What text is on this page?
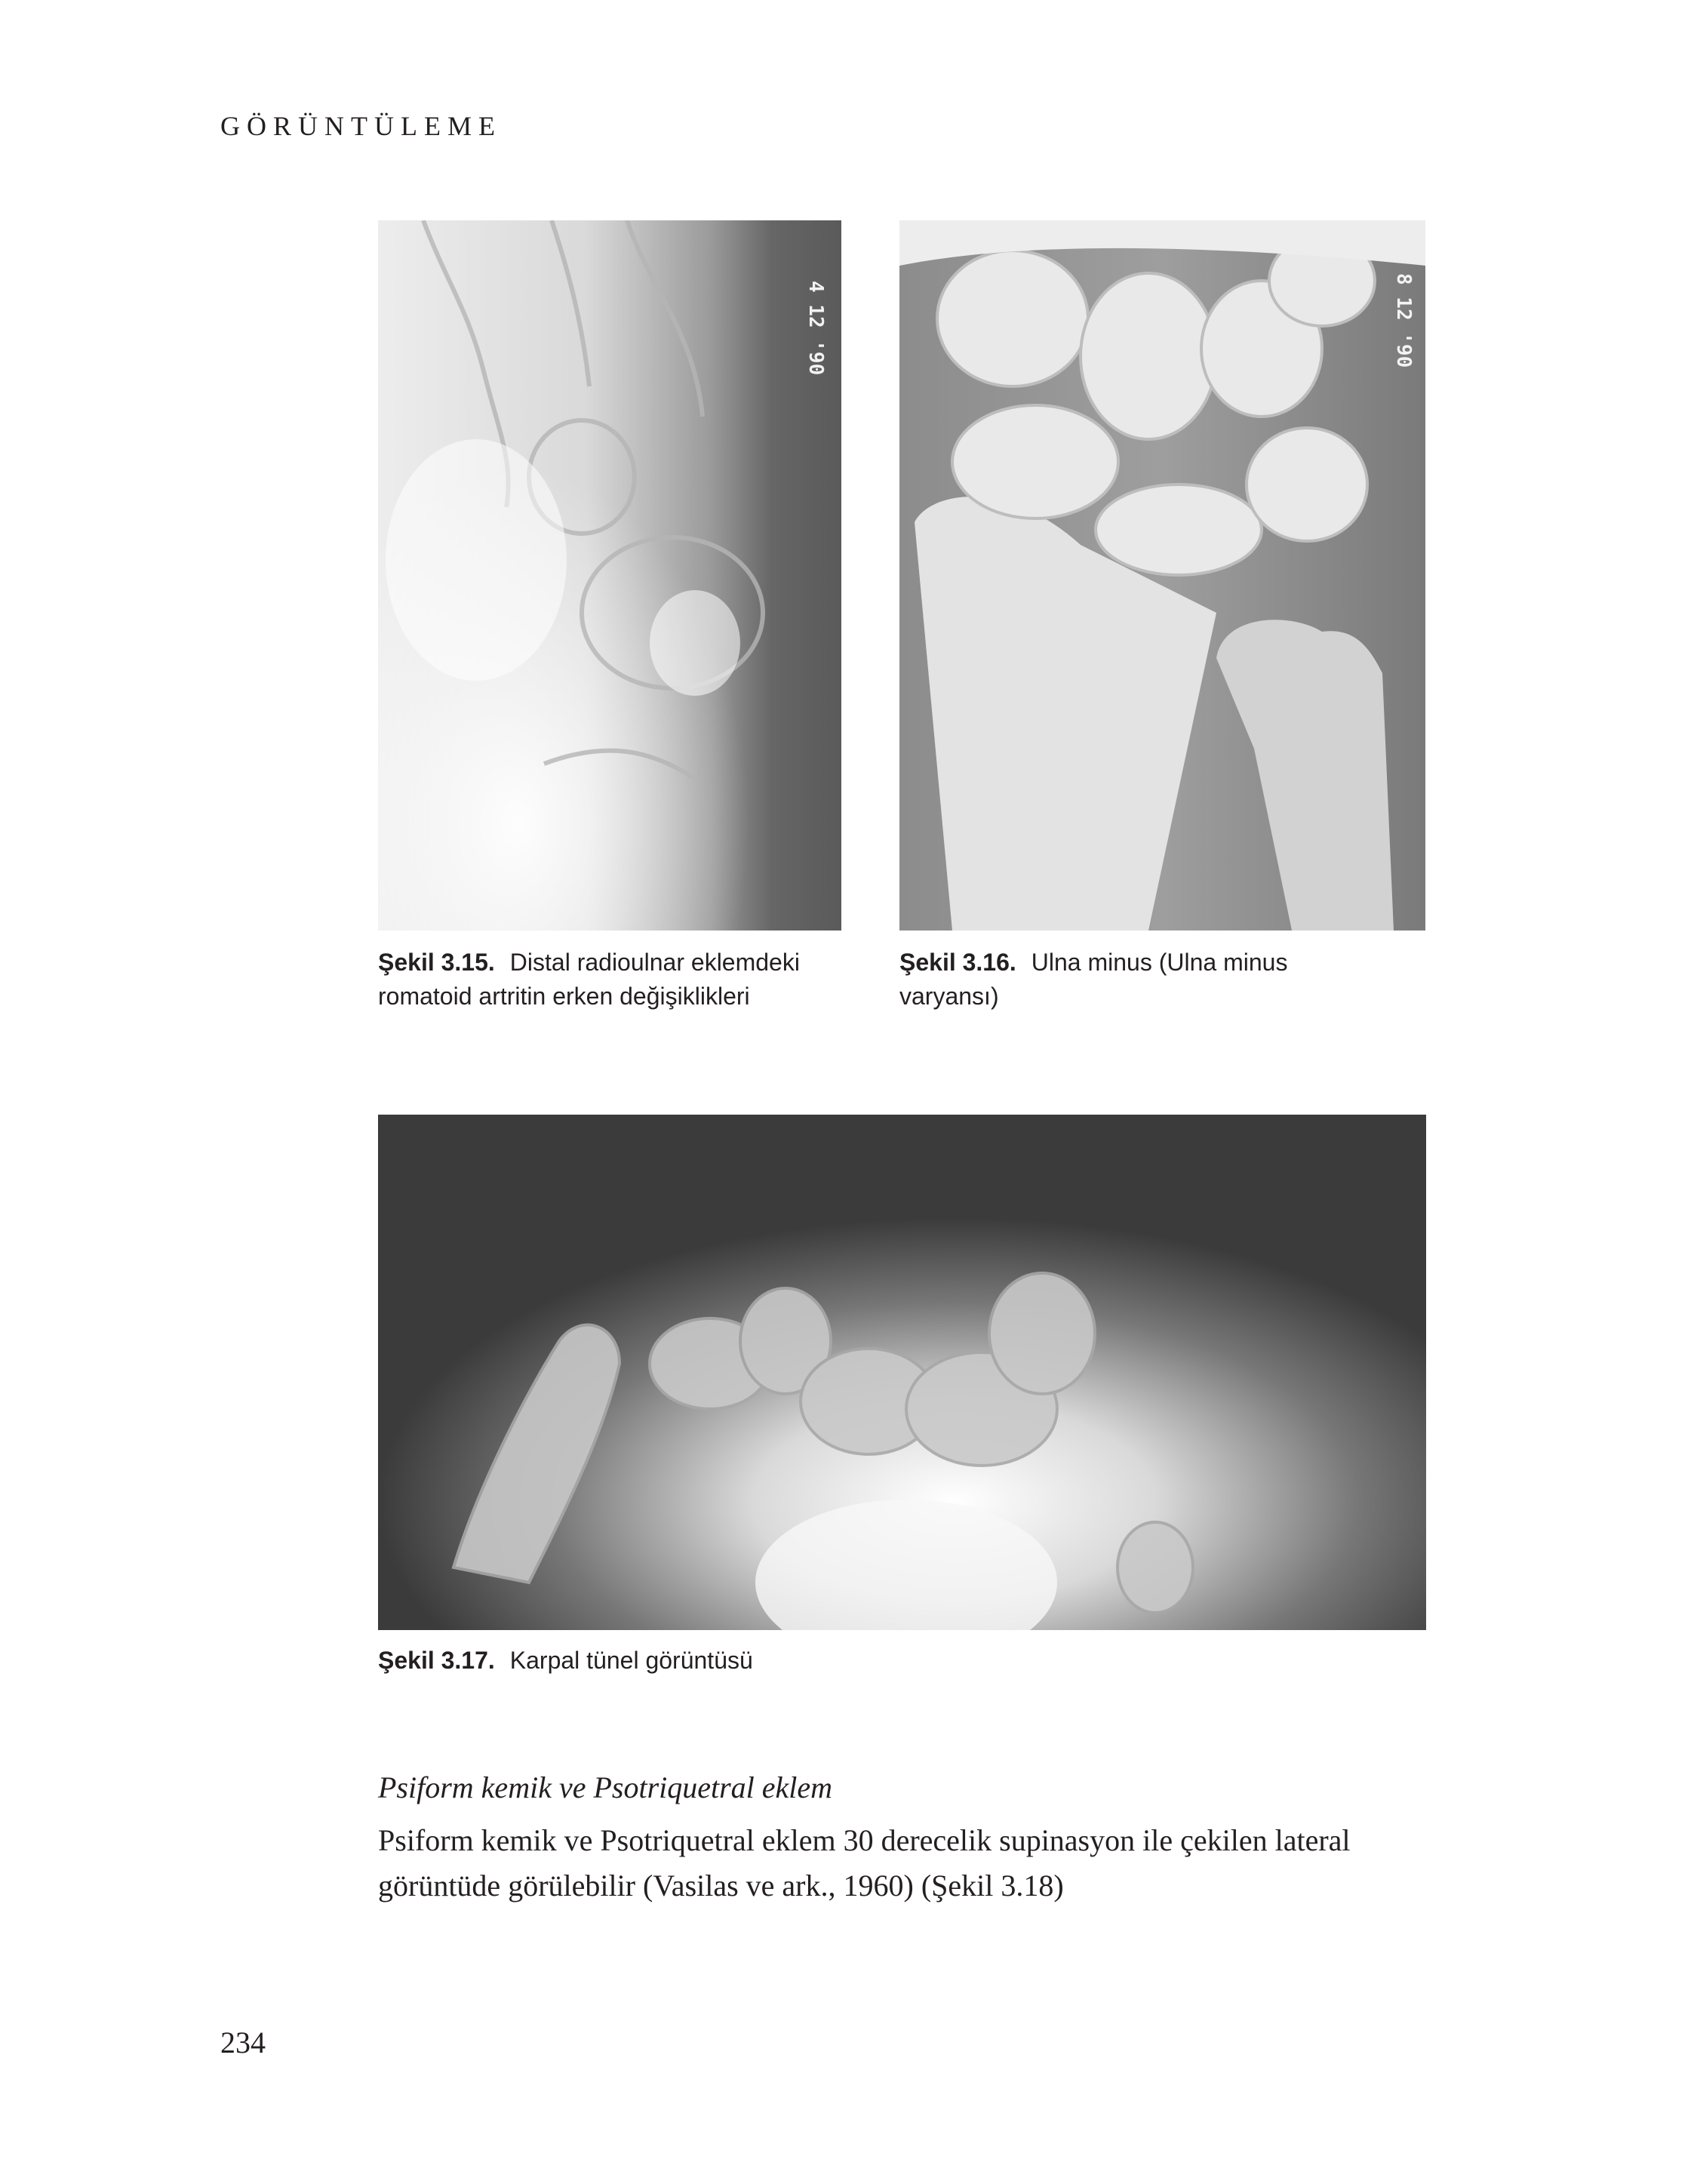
GÖRÜNTÜLEME
4 12 '90	8 12 '90
Şekil 3.15. Distal radioulnar eklemdeki romatoid artritin erken değişiklikleri
Şekil 3.16. Ulna minus (Ulna minus varyansı)
Şekil 3.17. Karpal tünel görüntüsü
Psiform kemik ve Psotriquetral eklem
Psiform kemik ve Psotriquetral eklem 30 derecelik supinasyon ile çekilen lateral görüntüde görülebilir (Vasilas ve ark., 1960) (Şekil 3.18)
234
